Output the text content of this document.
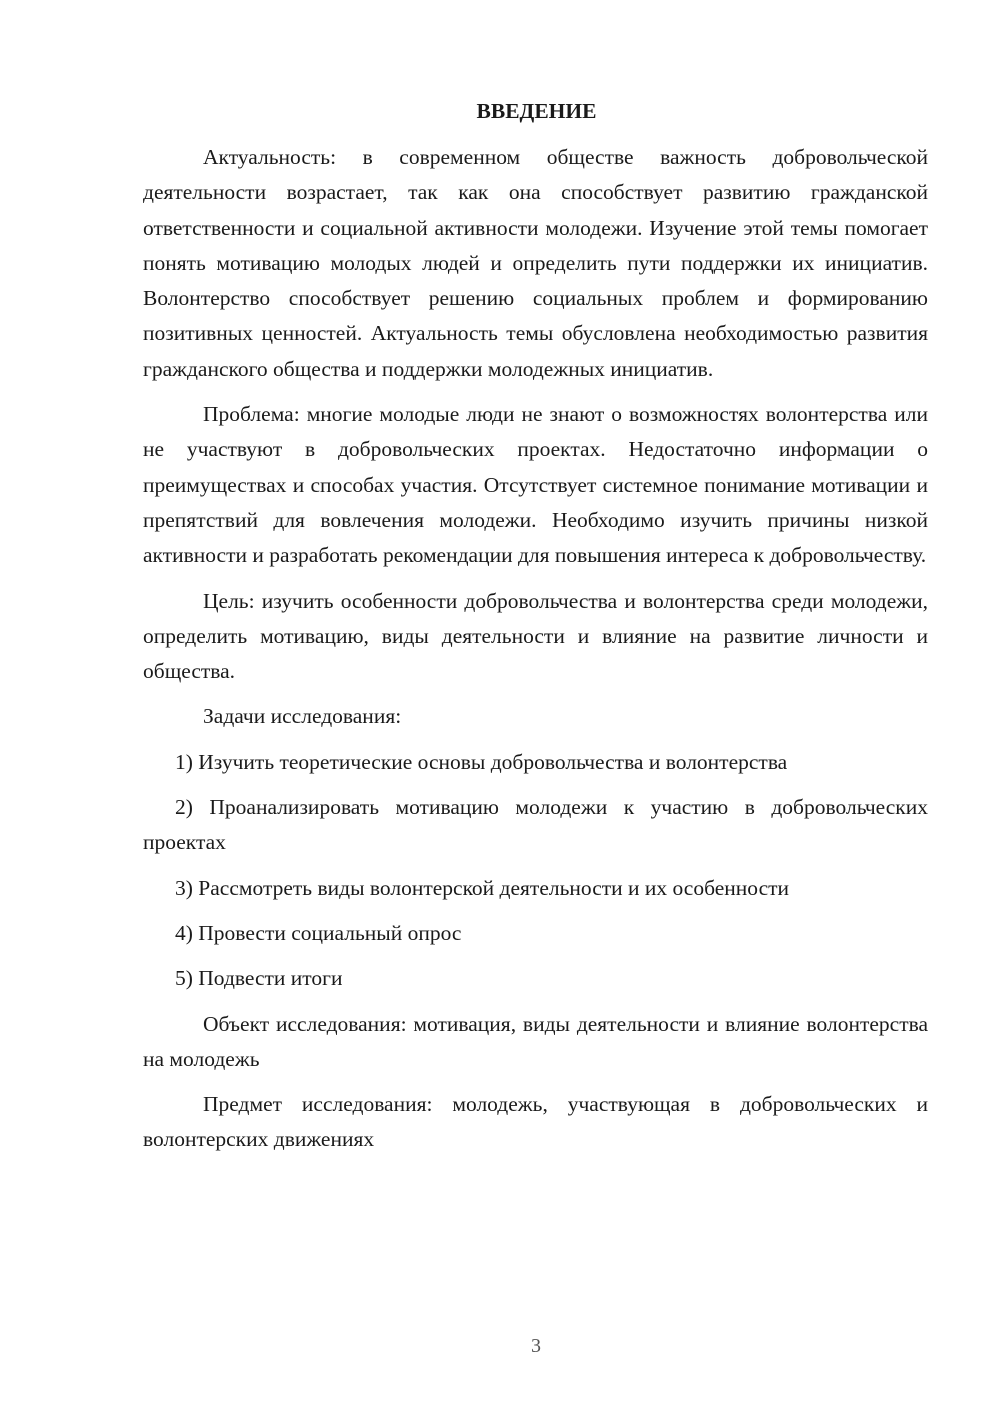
ВВЕДЕНИЕ

Актуальность: в современном обществе важность добровольческой деятельности возрастает, так как она способствует развитию гражданской ответственности и социальной активности молодежи. Изучение этой темы помогает понять мотивацию молодых людей и определить пути поддержки их инициатив. Волонтерство способствует решению социальных проблем и формированию позитивных ценностей. Актуальность темы обусловлена необходимостью развития гражданского общества и поддержки молодежных инициатив.

Проблема: многие молодые люди не знают о возможностях волонтерства или не участвуют в добровольческих проектах. Недостаточно информации о преимуществах и способах участия. Отсутствует системное понимание мотивации и препятствий для вовлечения молодежи. Необходимо изучить причины низкой активности и разработать рекомендации для повышения интереса к добровольчеству.

Цель: изучить особенности добровольчества и волонтерства среди молодежи, определить мотивацию, виды деятельности и влияние на развитие личности и общества.

Задачи исследования:

1) Изучить теоретические основы добровольчества и волонтерства

2) Проанализировать мотивацию молодежи к участию в добровольческих проектах

3) Рассмотреть виды волонтерской деятельности и их особенности

4) Провести социальный опрос

5) Подвести итоги

Объект исследования: мотивация, виды деятельности и влияние волонтерства на молодежь

Предмет исследования: молодежь, участвующая в добровольческих и волонтерских движениях

3
